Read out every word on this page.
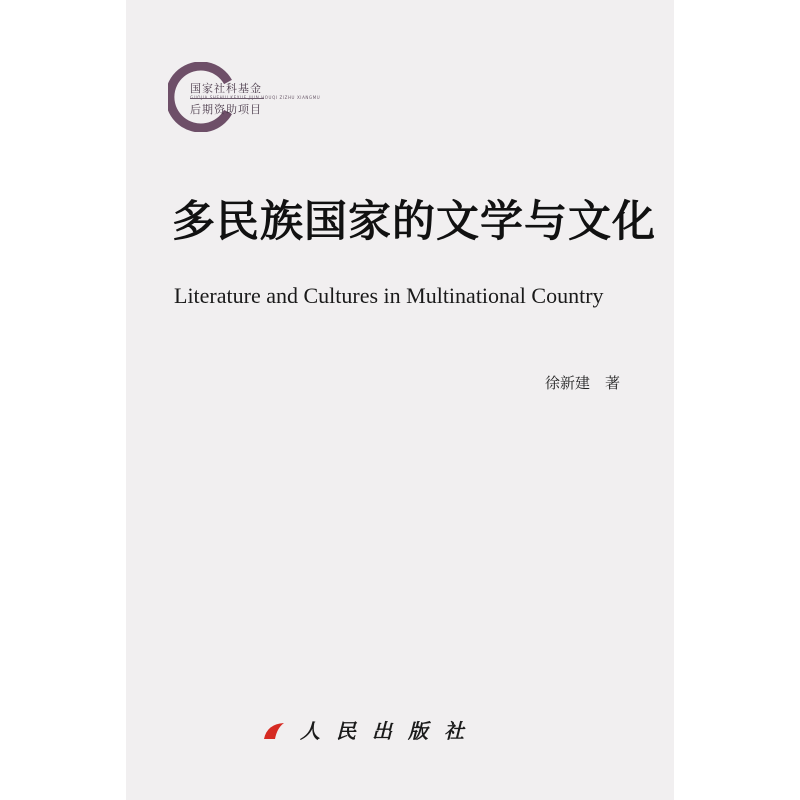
国家社科基金
GUOJIA SHEHUI KEXUE JIJIN HOUQI ZIZHU XIANGMU
后期资助项目
多民族国家的文学与文化
Literature and Cultures in Multinational Country
徐新建　著
人民出版社
